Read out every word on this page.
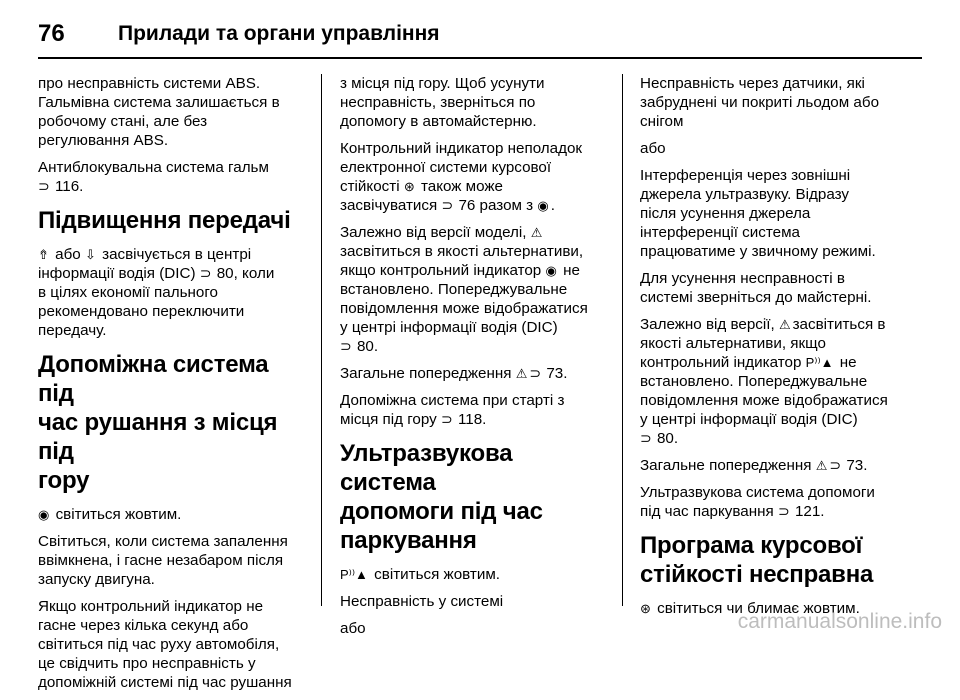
76	Прилади та органи управління

про несправність системи ABS.
Гальмівна система залишається в
робочому стані, але без
регулювання ABS.

Антиблокувальна система гальм
⊃ 116.

Підвищення передачі

⇮ або ⇩ засвічується в центрі
інформації водія (DIC) ⊃ 80, коли
в цілях економії пального
рекомендовано переключити
передачу.

Допоміжна система під
час рушання з місця під
гору

◉ світиться жовтим.

Світиться, коли система запалення
ввімкнена, і гасне незабаром після
запуску двигуна.

Якщо контрольний індикатор не
гасне через кілька секунд або
світиться під час руху автомобіля,
це свідчить про несправність у
допоміжній системі під час рушання

з місця під гору. Щоб усунути
несправність, зверніться по
допомогу в автомайстерню.

Контрольний індикатор неполадок
електронної системи курсової
стійкості ⊛ також може
засвічуватися ⊃ 76 разом з ◉ .

Залежно від версії моделі, ⚠
засвітиться в якості альтернативи,
якщо контрольний індикатор ◉ не
встановлено. Попереджувальне
повідомлення може відображатися
у центрі інформації водія (DIC)
⊃ 80.

Загальне попередження ⚠ ⊃ 73.

Допоміжна система при старті з
місця під гору ⊃ 118.

Ультразвукова система
допомоги під час
паркування

P⁾⁾▲ світиться жовтим.

Несправність у системі

або

Несправність через датчики, які
забруднені чи покриті льодом або
снігом

або

Інтерференція через зовнішні
джерела ультразвуку. Відразу
після усунення джерела
інтерференції система
працюватиме у звичному режимі.

Для усунення несправності в
системі зверніться до майстерні.

Залежно від версії, ⚠ засвітиться в
якості альтернативи, якщо
контрольний індикатор P⁾⁾▲ не
встановлено. Попереджувальне
повідомлення може відображатися
у центрі інформації водія (DIC)
⊃ 80.

Загальне попередження ⚠ ⊃ 73.

Ультразвукова система допомоги
під час паркування ⊃ 121.

Програма курсової
стійкості несправна

⊛ світиться чи блимає жовтим.

carmanualsonline.info
